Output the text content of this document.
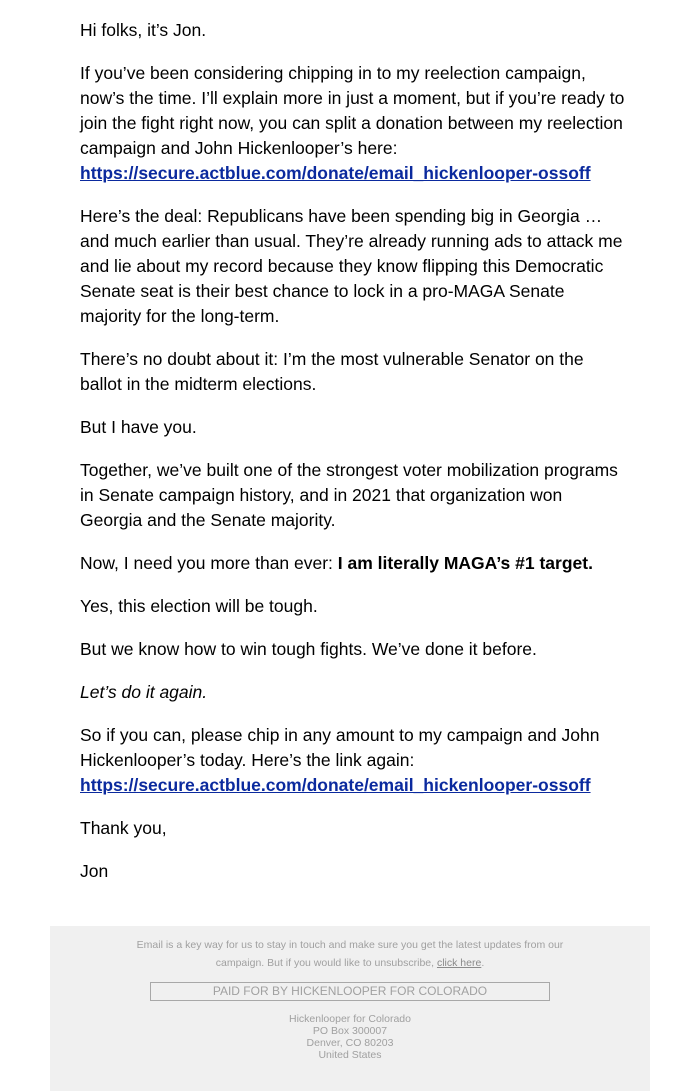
Hi folks, it’s Jon.

If you’ve been considering chipping in to my reelection campaign, now’s the time. I’ll explain more in just a moment, but if you’re ready to join the fight right now, you can split a donation between my reelection campaign and John Hickenlooper’s here:
https://secure.actblue.com/donate/email_hickenlooper-ossoff

Here’s the deal: Republicans have been spending big in Georgia … and much earlier than usual. They’re already running ads to attack me and lie about my record because they know flipping this Democratic Senate seat is their best chance to lock in a pro-MAGA Senate majority for the long-term.

There’s no doubt about it: I’m the most vulnerable Senator on the ballot in the midterm elections.

But I have you.

Together, we’ve built one of the strongest voter mobilization programs in Senate campaign history, and in 2021 that organization won Georgia and the Senate majority.

Now, I need you more than ever: I am literally MAGA’s #1 target.

Yes, this election will be tough.

But we know how to win tough fights. We’ve done it before.

Let’s do it again.

So if you can, please chip in any amount to my campaign and John Hickenlooper’s today. Here’s the link again:
https://secure.actblue.com/donate/email_hickenlooper-ossoff

Thank you,

Jon

Email is a key way for us to stay in touch and make sure you get the latest updates from our campaign. But if you would like to unsubscribe, click here.
PAID FOR BY HICKENLOOPER FOR COLORADO
Hickenlooper for Colorado
PO Box 300007
Denver, CO 80203
United States
